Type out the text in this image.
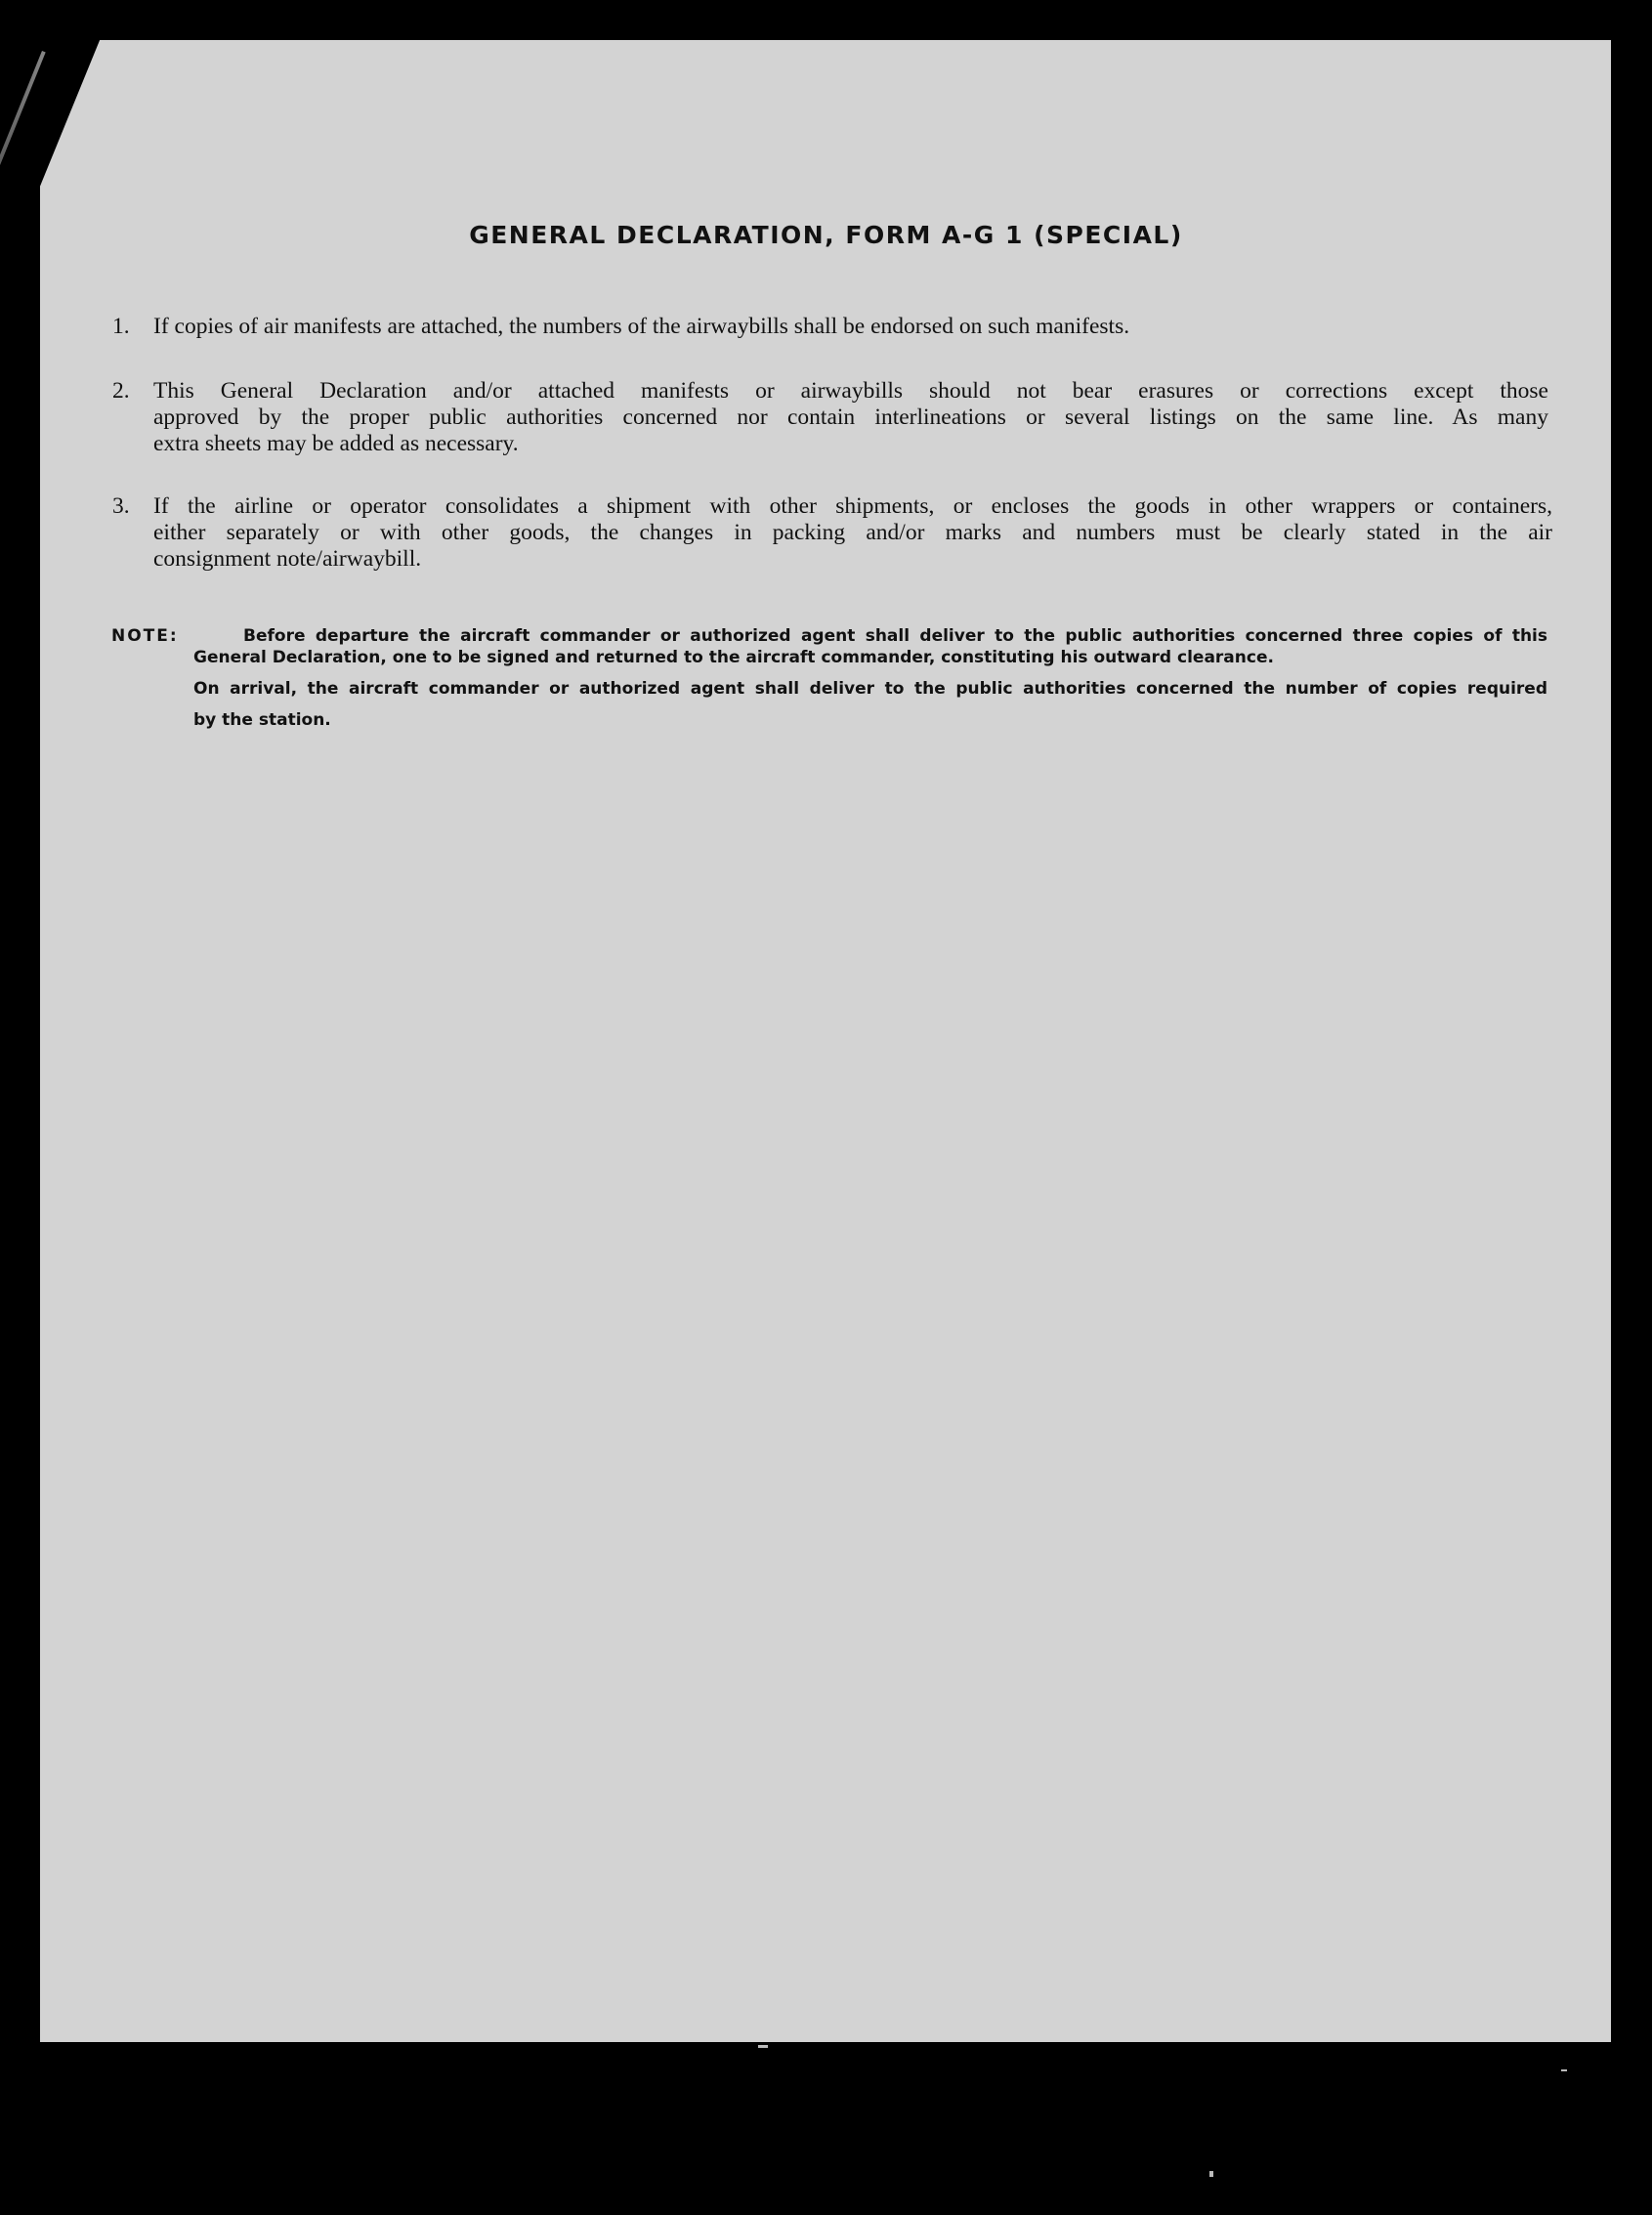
GENERAL DECLARATION, FORM A-G 1 (SPECIAL)
1. If copies of air manifests are attached, the numbers of the airwaybills shall be endorsed on such manifests.

2. This General Declaration and/or attached manifests or airwaybills should not bear erasures or corrections except those

approved by the proper public authorities concerned nor contain interlineations or several listings on the same line. As many

extra sheets may be added as necessary.

3. If the airline or operator consolidates a shipment with other shipments, or encloses the goods in other wrappers or containers,

either separately or with other goods, the changes in packing and/or marks and numbers must be clearly stated in the air

consignment note/airwaybill.

NOTE:	Before departure the aircraft commander or authorized agent shall deliver to the public authorities concerned three copies of this

General Declaration, one to be signed and returned to the aircraft commander, constituting his outward clearance.

On arrival, the aircraft commander or authorized agent shall deliver to the public authorities concerned the number of copies required

by the station.
